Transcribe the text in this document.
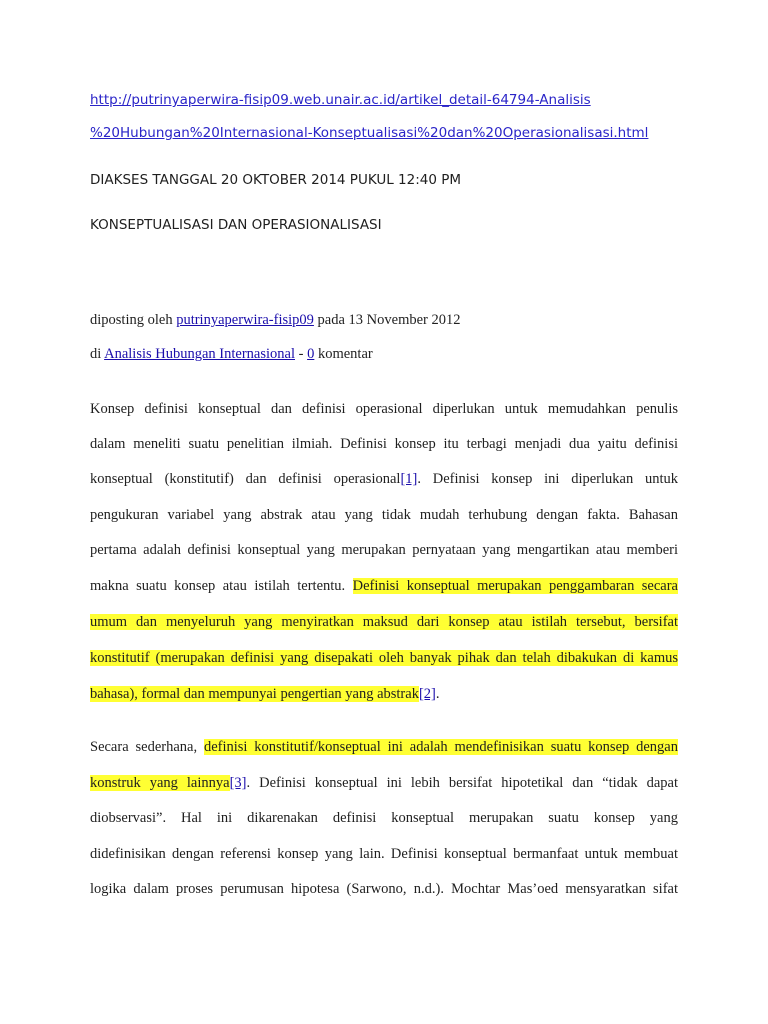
http://putrinyaperwira-fisip09.web.unair.ac.id/artikel_detail-64794-Analisis
%20Hubungan%20Internasional-Konseptualisasi%20dan%20Operasionalisasi.html
DIAKSES TANGGAL 20 OKTOBER 2014 PUKUL 12:40 PM
KONSEPTUALISASI DAN OPERASIONALISASI
diposting oleh putrinyaperwira-fisip09 pada 13 November 2012
di Analisis Hubungan Internasional - 0 komentar
Konsep definisi konseptual dan definisi operasional diperlukan untuk memudahkan penulis
dalam meneliti suatu penelitian ilmiah. Definisi konsep itu terbagi menjadi dua yaitu definisi
konseptual (konstitutif) dan definisi operasional[1]. Definisi konsep ini diperlukan untuk
pengukuran variabel yang abstrak atau yang tidak mudah terhubung dengan fakta. Bahasan
pertama adalah definisi konseptual yang merupakan pernyataan yang mengartikan atau memberi
makna suatu konsep atau istilah tertentu. Definisi konseptual merupakan penggambaran secara
umum dan menyeluruh yang menyiratkan maksud dari konsep atau istilah tersebut, bersifat
konstitutif (merupakan definisi yang disepakati oleh banyak pihak dan telah dibakukan di kamus
bahasa), formal dan mempunyai pengertian yang abstrak[2].
Secara sederhana, definisi konstitutif/konseptual ini adalah mendefinisikan suatu konsep dengan
konstruk yang lainnya[3]. Definisi konseptual ini lebih bersifat hipotetikal dan “tidak dapat
diobservasi”. Hal ini dikarenakan definisi konseptual merupakan suatu konsep yang
didefinisikan dengan referensi konsep yang lain. Definisi konseptual bermanfaat untuk membuat
logika dalam proses perumusan hipotesa (Sarwono, n.d.). Mochtar Mas’oed mensyaratkan sifat
